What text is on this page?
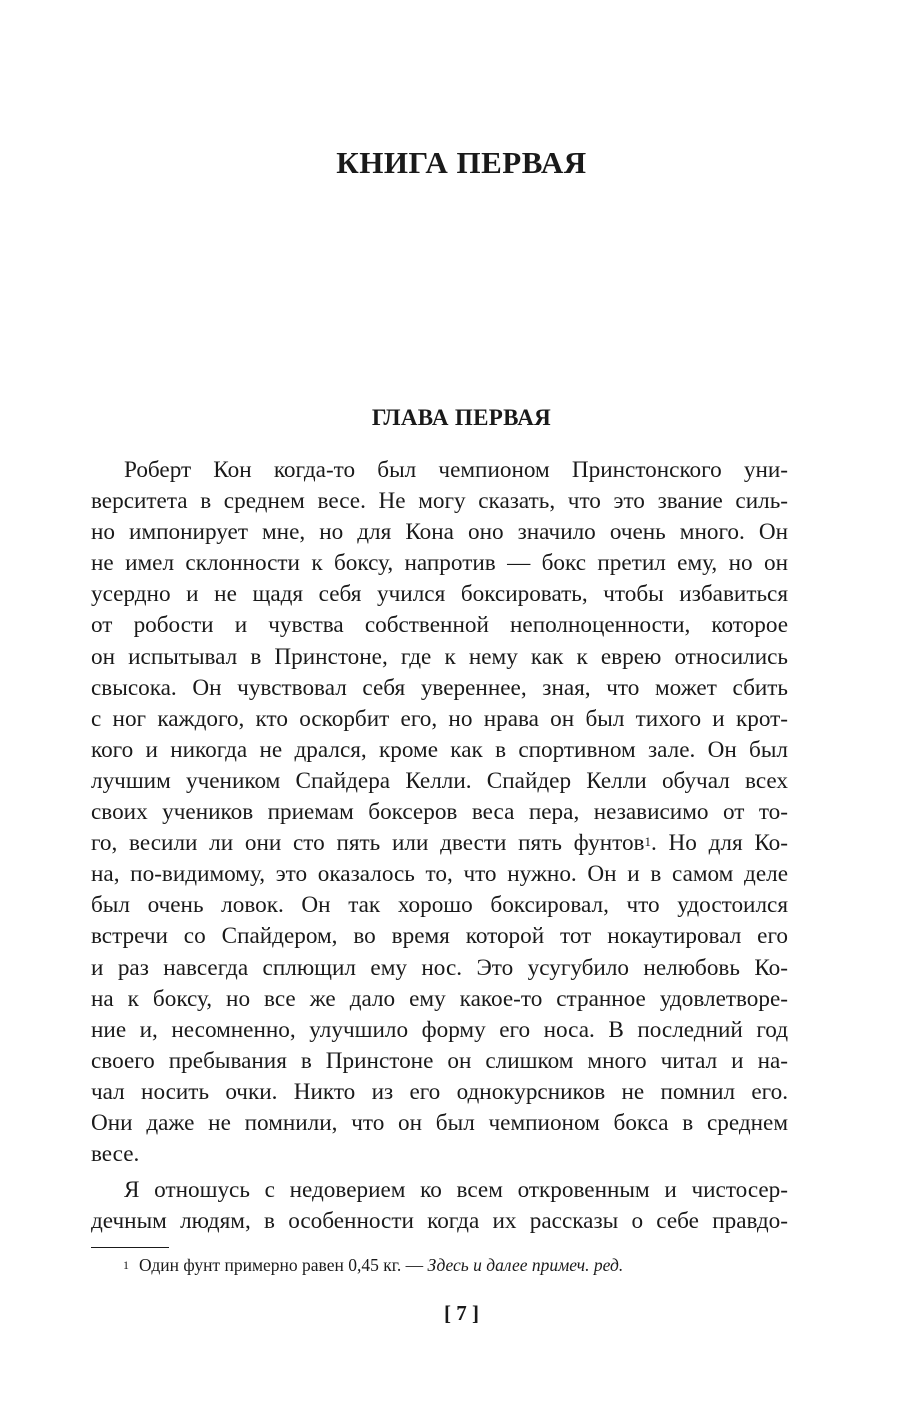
КНИГА ПЕРВАЯ
ГЛАВА ПЕРВАЯ
Роберт Кон когда-то был чемпионом Принстонского уни-
верситета в среднем весе. Не могу сказать, что это звание силь-
но импонирует мне, но для Кона оно значило очень много. Он
не имел склонности к боксу, напротив — бокс претил ему, но он
усердно и не щадя себя учился боксировать, чтобы избавиться
от робости и чувства собственной неполноценности, которое
он испытывал в Принстоне, где к нему как к еврею относились
свысока. Он чувствовал себя увереннее, зная, что может сбить
с ног каждого, кто оскорбит его, но нрава он был тихого и крот-
кого и никогда не дрался, кроме как в спортивном зале. Он был
лучшим учеником Спайдера Келли. Спайдер Келли обучал всех
своих учеников приемам боксеров веса пера, независимо от то-
го, весили ли они сто пять или двести пять фунтов$^1$. Но для Ко-
на, по-видимому, это оказалось то, что нужно. Он и в самом деле
был очень ловок. Он так хорошо боксировал, что удостоился
встречи со Спайдером, во время которой тот нокаутировал его
и раз навсегда сплющил ему нос. Это усугубило нелюбовь Ко-
на к боксу, но все же дало ему какое-то странное удовлетворе-
ние и, несомненно, улучшило форму его носа. В последний год
своего пребывания в Принстоне он слишком много читал и на-
чал носить очки. Никто из его однокурсников не помнил его.
Они даже не помнили, что он был чемпионом бокса в среднем
весе.
Я отношусь с недоверием ко всем откровенным и чистосер-
дечным людям, в особенности когда их рассказы о себе правдо-
$^1$ Один фунт примерно равен 0,45 кг. — Здесь и далее примеч. ред.
[ 7 ]
